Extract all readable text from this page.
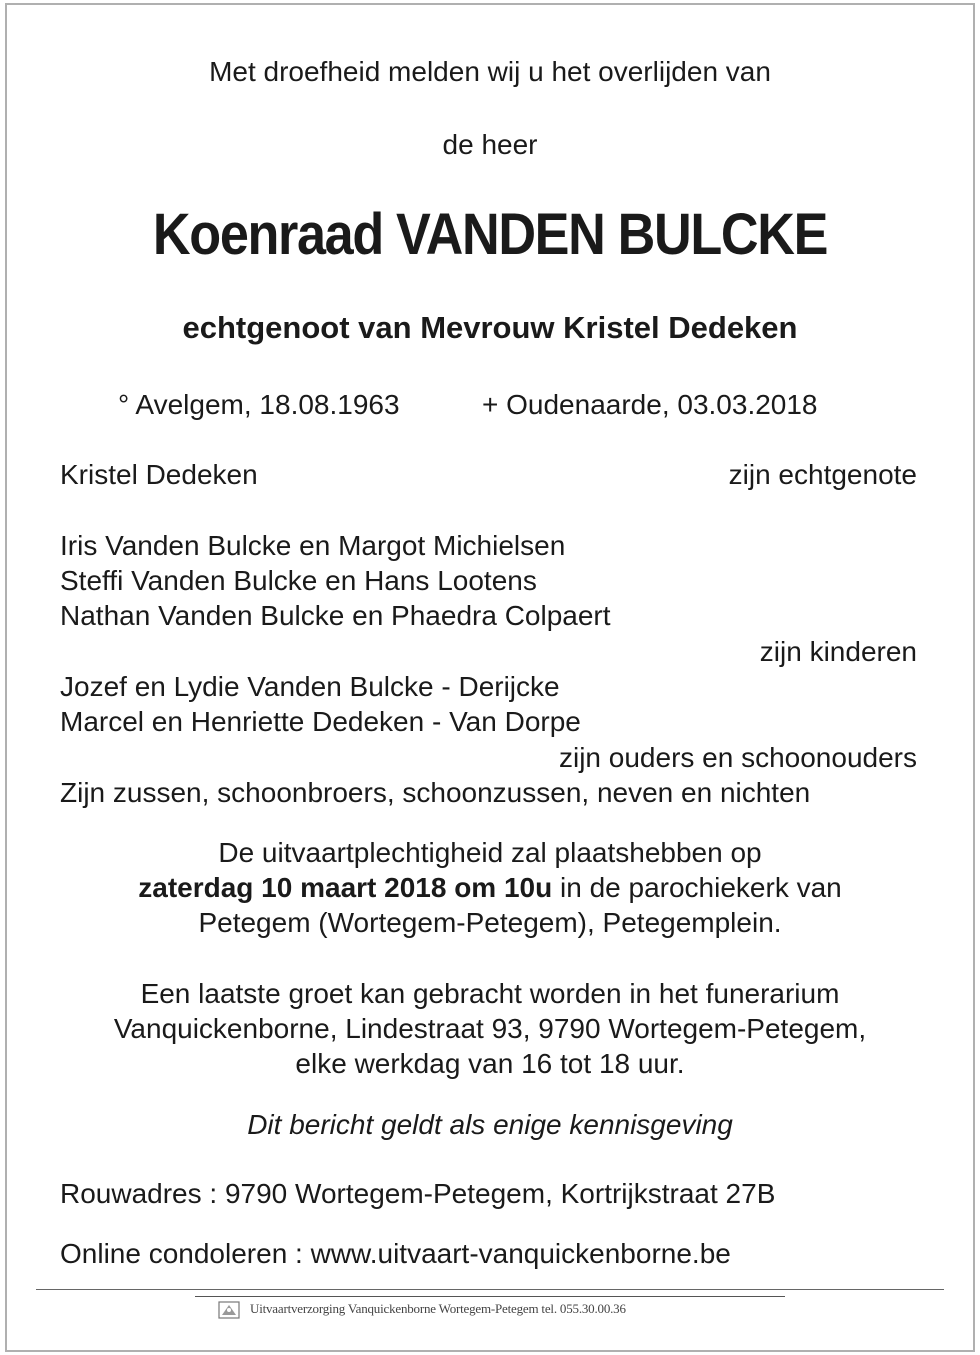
Met droefheid melden wij u het overlijden van
de heer
Koenraad VANDEN BULCKE
echtgenoot van Mevrouw Kristel Dedeken
° Avelgem, 18.08.1963	+ Oudenaarde, 03.03.2018
Kristel Dedeken	zijn echtgenote
Iris Vanden Bulcke en Margot Michielsen
Steffi Vanden Bulcke en Hans Lootens
Nathan Vanden Bulcke en Phaedra Colpaert
zijn kinderen
Jozef en Lydie Vanden Bulcke - Derijcke
Marcel en Henriette Dedeken - Van Dorpe
zijn ouders en schoonouders
Zijn zussen, schoonbroers, schoonzussen, neven en nichten
De uitvaartplechtigheid zal plaatshebben op
zaterdag 10 maart 2018 om 10u in de parochiekerk van
Petegem (Wortegem-Petegem), Petegemplein.
Een laatste groet kan gebracht worden in het funerarium
Vanquickenborne, Lindestraat 93, 9790 Wortegem-Petegem,
elke werkdag van 16 tot 18 uur.
Dit bericht geldt als enige kennisgeving
Rouwadres : 9790 Wortegem-Petegem, Kortrijkstraat 27B
Online condoleren : www.uitvaart-vanquickenborne.be
Uitvaartverzorging Vanquickenborne Wortegem-Petegem tel. 055.30.00.36
